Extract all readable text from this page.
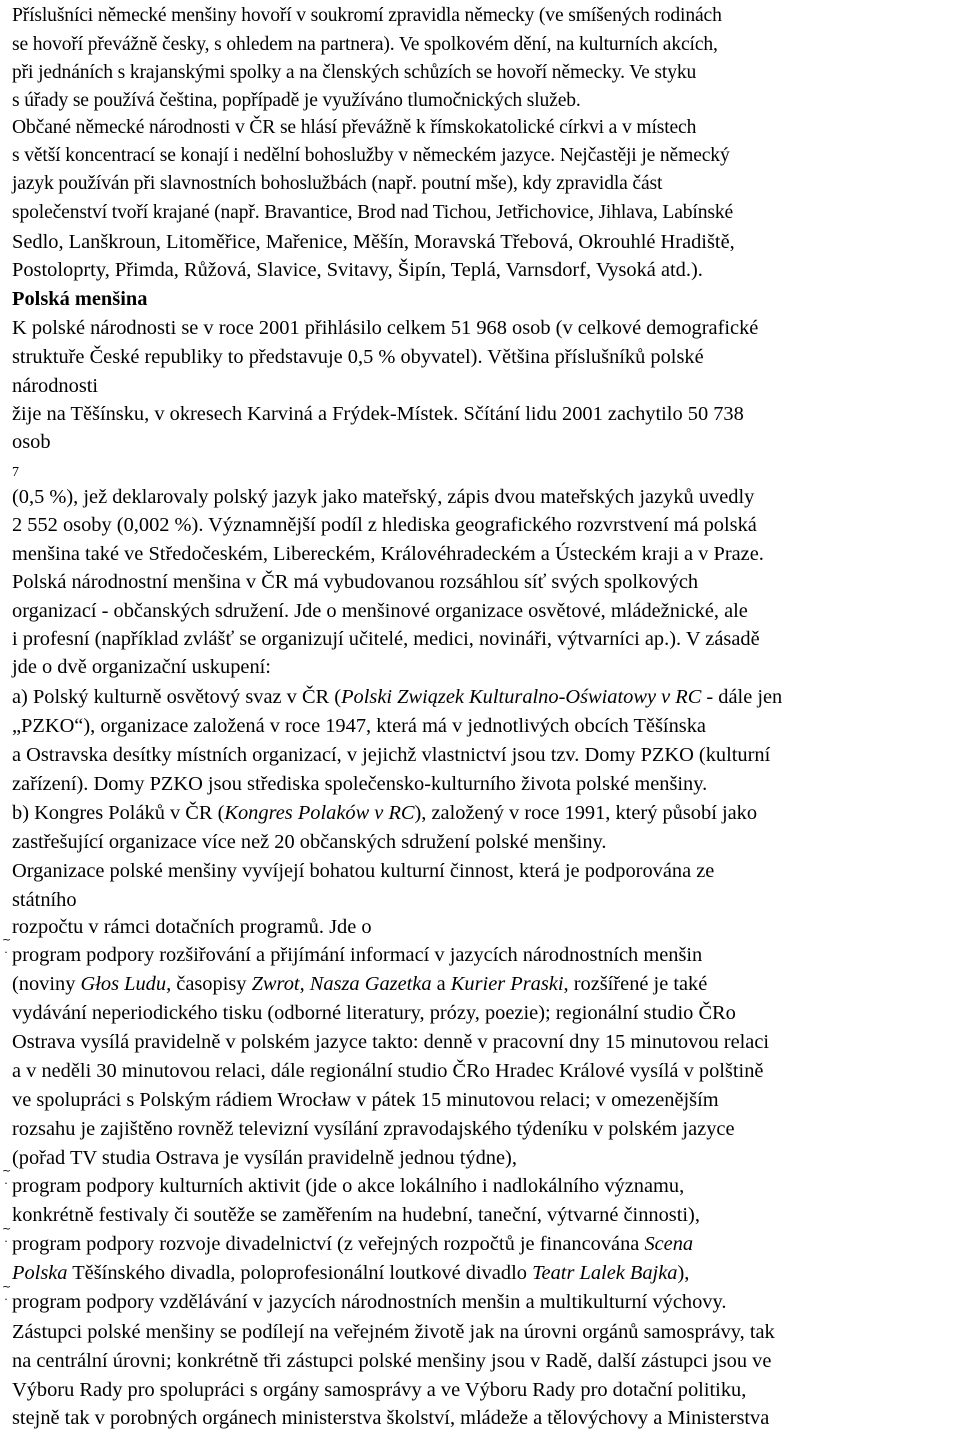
Příslušníci německé menšiny hovoří v soukromí zpravidla německy (ve smíšených rodinách
se hovoří převážně česky, s ohledem na partnera). Ve spolkovém dění, na kulturních akcích,
při jednáních s krajanskými spolky a na členských schůzích se hovoří německy. Ve styku
s úřady se používá čeština, popřípadě je využíváno tlumočnických služeb.
Občané německé národnosti v ČR se hlásí převážně k římskokatolické církvi a v místech
s větší koncentrací se konají i nedělní bohoslužby v německém jazyce. Nejčastěji je německý
jazyk používán při slavnostních bohoslužbách (např. poutní mše), kdy zpravidla část
společenství tvoří krajané (např. Bravantice, Brod nad Tichou, Jetřichovice, Jihlava, Labínské
Sedlo, Lanškroun, Litoměřice, Mařenice, Měšín, Moravská Třebová, Okrouhlé Hradiště,
Postoloprty, Přimda, Růžová, Slavice, Svitavy, Šipín, Teplá, Varnsdorf, Vysoká atd.).
Polská menšina
K polské národnosti se v roce 2001 přihlásilo celkem 51 968 osob (v celkové demografické
struktuře České republiky to představuje 0,5 % obyvatel). Většina příslušníků polské
národnosti
žije na Těšínsku, v okresech Karviná a Frýdek-Místek. Sčítání lidu 2001 zachytilo 50 738
osob
7
(0,5 %), jež deklarovaly polský jazyk jako mateřský, zápis dvou mateřských jazyků uvedly
2 552 osoby (0,002 %). Významnější podíl z hlediska geografického rozvrstvení má polská
menšina také ve Středočeském, Libereckém, Královéhradeckém a Ústeckém kraji a v Praze.
Polská národnostní menšina v ČR má vybudovanou rozsáhlou síť svých spolkových
organizací - občanských sdružení. Jde o menšinové organizace osvětové, mládežnické, ale
i profesní (například zvlášť se organizují učitelé, medici, novináři, výtvarníci ap.). V zásadě
jde o dvě organizační uskupení:
a) Polský kulturně osvětový svaz v ČR (Polski Związek Kulturalno-Oświatowy v RC - dále jen
„PZKO“), organizace založená v roce 1947, která má v jednotlivých obcích Těšínska
a Ostravska desítky místních organizací, v jejichž vlastnictví jsou tzv. Domy PZKO (kulturní
zařízení). Domy PZKO jsou střediska společensko-kulturního života polské menšiny.
b) Kongres Poláků v ČR (Kongres Polaków v RC), založený v roce 1991, který působí jako
zastřešující organizace více než 20 občanských sdružení polské menšiny.
Organizace polské menšiny vyvíjejí bohatou kulturní činnost, která je podporována ze
státního
rozpočtu v rámci dotačních programů. Jde o
~
. program podpory rozšiřování a přijímání informací v jazycích národnostních menšin
(noviny Głos Ludu, časopisy Zwrot, Nasza Gazetka a Kurier Praski, rozšířené je také
vydávání neperiodického tisku (odborné literatury, prózy, poezie); regionální studio ČRo
Ostrava vysílá pravidelně v polském jazyce takto: denně v pracovní dny 15 minutovou relaci
a v neděli 30 minutovou relaci, dále regionální studio ČRo Hradec Králové vysílá v polštině
ve spolupráci s Polským rádiem Wrocław v pátek 15 minutovou relaci; v omezenějším
rozsahu je zajištěno rovněž televizní vysílání zpravodajského týdeníku v polském jazyce
(pořad TV studia Ostrava je vysílán pravidelně jednou týdne),
~
. program podpory kulturních aktivit (jde o akce lokálního i nadlokálního významu,
konkrétně festivaly či soutěže se zaměřením na hudební, taneční, výtvarné činnosti),
~
. program podpory rozvoje divadelnictví (z veřejných rozpočtů je financována Scena
Polska Těšínského divadla, poloprofesionální loutkové divadlo Teatr Lalek Bajka),
~
. program podpory vzdělávání v jazycích národnostních menšin a multikulturní výchovy.
Zástupci polské menšiny se podílejí na veřejném životě jak na úrovni orgánů samosprávy, tak
na centrální úrovni; konkrétně tři zástupci polské menšiny jsou v Radě, další zástupci jsou ve
Výboru Rady pro spolupráci s orgány samosprávy a ve Výboru Rady pro dotační politiku,
stejně tak v porobných orgánech ministerstva školství, mládeže a tělovýchovy a Ministerstva
